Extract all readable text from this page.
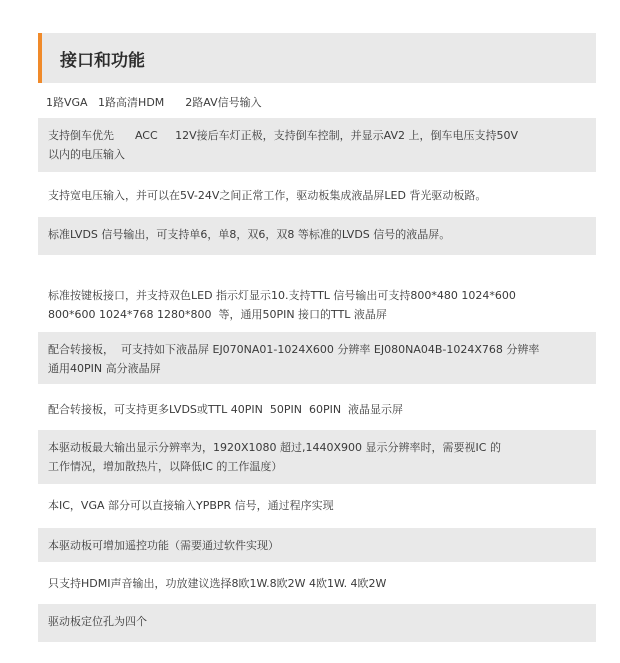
接口和功能
1路VGA   1路高清HDM      2路AV信号输入
支持倒车优先      ACC     12V接后车灯正极，支持倒车控制，并显示AV2 上，倒车电压支持50V
以内的电压输入
支持宽电压输入，并可以在5V-24V之间正常工作，驱动板集成液晶屏LED 背光驱动板路。
标准LVDS 信号输出，可支持单6，单8，双6，双8 等标准的LVDS 信号的液晶屏。
标准按键板接口，并支持双色LED 指示灯显示10.支持TTL 信号输出可支持800*480 1024*600
800*600 1024*768 1280*800  等，通用50PIN 接口的TTL 液晶屏
配合转接板，  可支持如下液晶屏 EJ070NA01-1024X600 分辨率 EJ080NA04B-1024X768 分辨率
通用40PIN 高分液晶屏
配合转接板，可支持更多LVDS或TTL 40PIN  50PIN  60PIN  液晶显示屏
本驱动板最大输出显示分辨率为，1920X1080 超过,1440X900 显示分辨率时，需要视IC 的
工作情况，增加散热片，以降低IC 的工作温度）
本IC，VGA 部分可以直接输入YPBPR 信号，通过程序实现
本驱动板可增加遥控功能（需要通过软件实现）
只支持HDMI声音输出，功放建议选择8欧1W.8欧2W 4欧1W. 4欧2W
驱动板定位孔为四个
